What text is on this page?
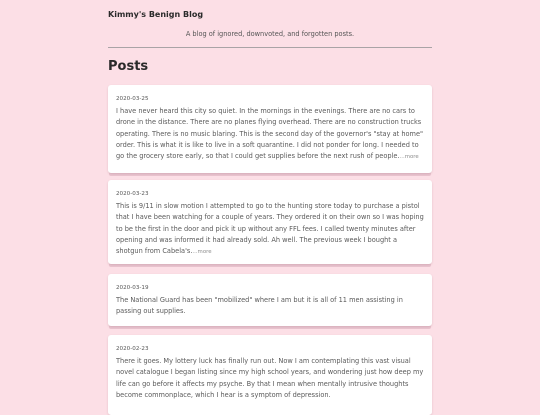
Kimmy's Benign Blog
A blog of ignored, downvoted, and forgotten posts.
Posts
2020-03-25
I have never heard this city so quiet. In the mornings in the evenings. There are no cars to drone in the distance. There are no planes flying overhead. There are no construction trucks operating. There is no music blaring. This is the second day of the governor's "stay at home" order. This is what it is like to live in a soft quarantine. I did not ponder for long. I needed to go the grocery store early, so that I could get supplies before the next rush of people....more
2020-03-23
This is 9/11 in slow motion I attempted to go to the hunting store today to purchase a pistol that I have been watching for a couple of years. They ordered it on their own so I was hoping to be the first in the door and pick it up without any FFL fees. I called twenty minutes after opening and was informed it had already sold. Ah well. The previous week I bought a shotgun from Cabela's....more
2020-03-19
The National Guard has been "mobilized" where I am but it is all of 11 men assisting in passing out supplies.
2020-02-23
There it goes. My lottery luck has finally run out. Now I am contemplating this vast visual novel catalogue I began listing since my high school years, and wondering just how deep my life can go before it affects my psyche. By that I mean when mentally intrusive thoughts become commonplace, which I hear is a symptom of depression.
